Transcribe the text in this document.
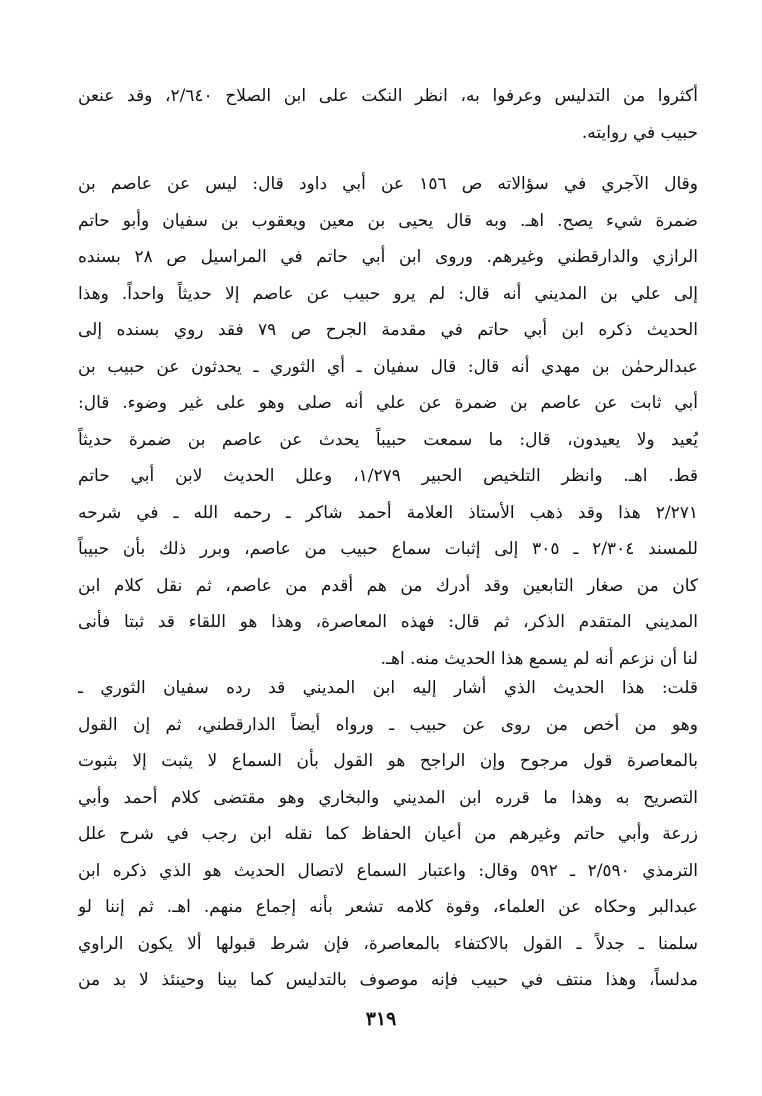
أكثروا من التدليس وعرفوا به، انظر النكت على ابن الصلاح ٢/٦٤٠، وقد عنعن
حبيب في روايته.
وقال الآجري في سؤالاته ص ١٥٦ عن أبي داود قال: ليس عن عاصم بن
ضمرة شيء يصح. اهـ. وبه قال يحيى بن معين ويعقوب بن سفيان وأبو حاتم
الرازي والدارقطني وغيرهم. وروى ابن أبي حاتم في المراسيل ص ٢٨ بسنده
إلى علي بن المديني أنه قال: لم يرو حبيب عن عاصم إلا حديثاً واحداً. وهذا
الحديث ذكره ابن أبي حاتم في مقدمة الجرح ص ٧٩ فقد روي بسنده إلى
عبدالرحمٰن بن مهدي أنه قال: قال سفيان ـ أي الثوري ـ يحدثون عن حبيب بن
أبي ثابت عن عاصم بن ضمرة عن علي أنه صلى وهو على غير وضوء. قال:
يُعيد ولا يعيدون، قال: ما سمعت حبيباً يحدث عن عاصم بن ضمرة حديثاً
قط. اهـ. وانظر التلخيص الحبير ١/٢٧٩، وعلل الحديث لابن أبي حاتم
٢/٢٧١ هذا وقد ذهب الأستاذ العلامة أحمد شاكر ـ رحمه الله ـ في شرحه
للمسند ٢/٣٠٤ ـ ٣٠٥ إلى إثبات سماع حبيب من عاصم، وبرر ذلك بأن حبيباً
كان من صغار التابعين وقد أدرك من هم أقدم من عاصم، ثم نقل كلام ابن
المديني المتقدم الذكر، ثم قال: فهذه المعاصرة، وهذا هو اللقاء قد ثبتا فأنى
لنا أن نزعم أنه لم يسمع هذا الحديث منه. اهـ.
قلت: هذا الحديث الذي أشار إليه ابن المديني قد رده سفيان الثوري ـ
وهو من أخص من روى عن حبيب ـ ورواه أيضاً الدارقطني، ثم إن القول
بالمعاصرة قول مرجوح وإن الراجح هو القول بأن السماع لا يثبت إلا بثبوت
التصريح به وهذا ما قرره ابن المديني والبخاري وهو مقتضى كلام أحمد وأبي
زرعة وأبي حاتم وغيرهم من أعيان الحفاظ كما نقله ابن رجب في شرح علل
الترمذي ٢/٥٩٠ ـ ٥٩٢ وقال: واعتبار السماع لاتصال الحديث هو الذي ذكره ابن
عبدالبر وحكاه عن العلماء، وقوة كلامه تشعر بأنه إجماع منهم. اهـ. ثم إننا لو
سلمنا ـ جدلاً ـ القول بالاكتفاء بالمعاصرة، فإن شرط قبولها ألا يكون الراوي
مدلساً، وهذا منتف في حبيب فإنه موصوف بالتدليس كما بينا وحينئذ لا بد من
٣١٩
